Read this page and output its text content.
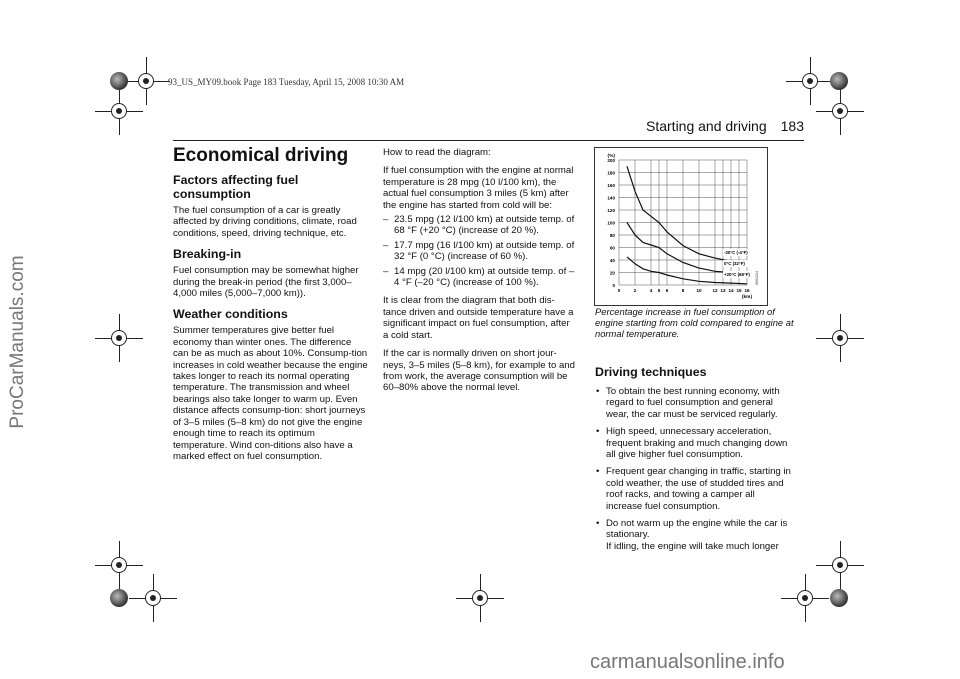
93_US_MY09.book Page 183 Tuesday, April 15, 2008 10:30 AM
Starting and driving 183
ProCarManuals.com
carmanualsonline.info
Economical driving
Factors affecting fuel consumption

The fuel consumption of a car is greatly affected by driving conditions, climate, road conditions, speed, driving technique, etc.

Breaking-in

Fuel consumption may be somewhat higher during the break-in period (the first 3,000–4,000 miles (5,000–7,000 km)).

Weather conditions

Summer temperatures give better fuel economy than winter ones. The difference can be as much as about 10%. Consump-tion increases in cold weather because the engine takes longer to reach its normal operating temperature. The transmission and wheel bearings also take longer to warm up. Even distance affects consump-tion: short journeys of 3–5 miles (5–8 km) do not give the engine enough time to reach its optimum temperature. Wind con-ditions also have a marked effect on fuel consumption.

How to read the diagram:

If fuel consumption with the engine at normal temperature is 28 mpg (10 l/100 km), the actual fuel consumption 3 miles (5 km) after the engine has started from cold will be:

– 23.5 mpg (12 l/100 km) at outside temp. of 68 °F (+20 °C) (increase of 20 %).
– 17.7 mpg (16 l/100 km) at outside temp. of 32 °F (0 °C) (increase of 60 %).
– 14 mpg (20 l/100 km) at outside temp. of –4 °F (–20 °C) (increase of 100 %).

It is clear from the diagram that both dis-tance driven and outside temperature have a significant impact on fuel consumption, after a cold start.

If the car is normally driven on short jour-neys, 3–5 miles (5–8 km), for example to and from work, the average consumption will be 60–80% above the normal level.

0
20
40
60
80
100
120
140
160
180
200
0	2	4 5 6	8	10 12 13 14 15 16
(%)
(km)
-20°C (-4°F)
0°C (32°F)
+20°C (68°F) 0001234
Percentage increase in fuel consumption of engine starting from cold compared to engine at normal temperature.
Driving techniques
• To obtain the best running economy, with regard to fuel consumption and general wear, the car must be serviced regularly.
• High speed, unnecessary acceleration, frequent braking and much changing down all give higher fuel consumption.
• Frequent gear changing in traffic, starting in cold weather, the use of studded tires and roof racks, and towing a camper all increase fuel consumption.
• Do not warm up the engine while the car is stationary.
If idling, the engine will take much longer
